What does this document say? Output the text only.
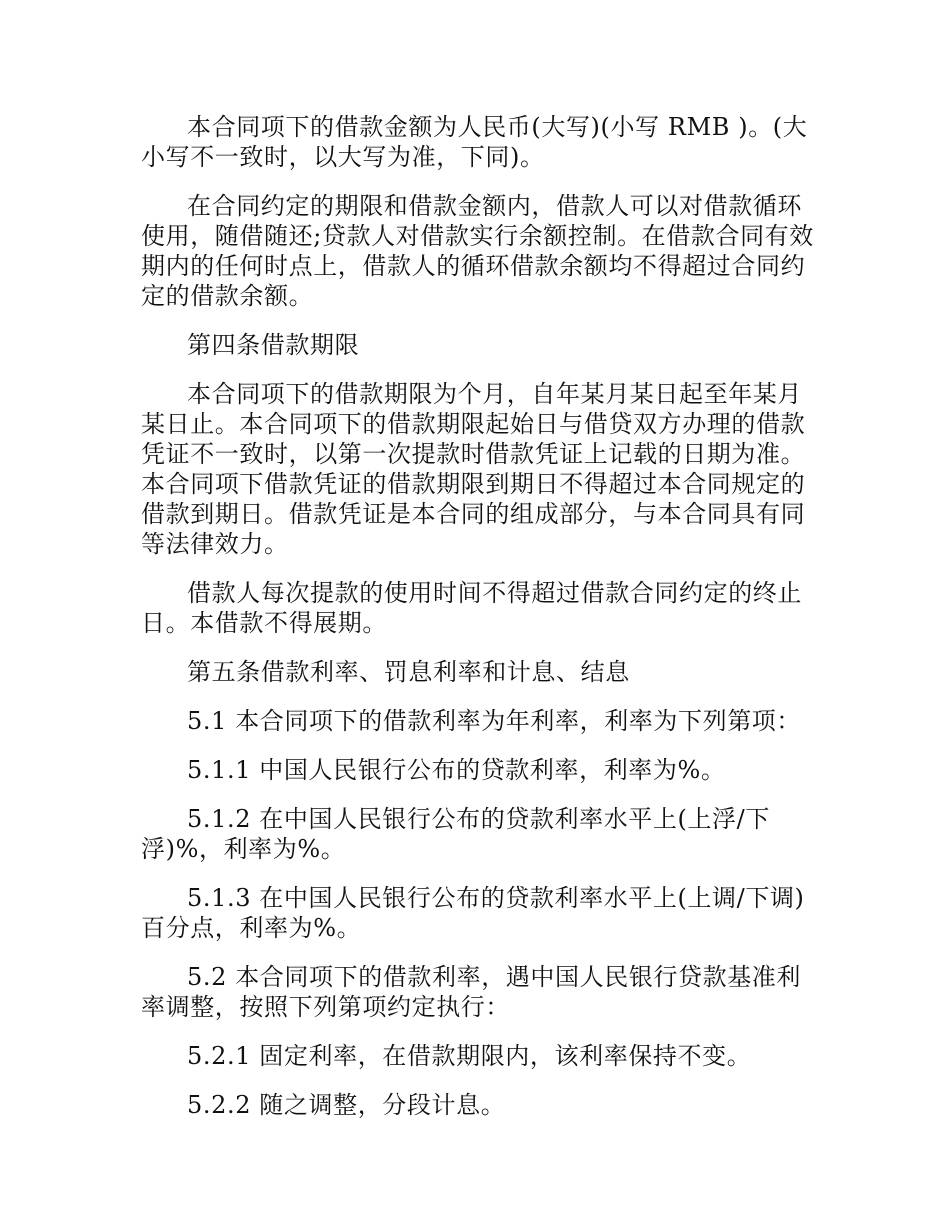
本合同项下的借款金额为人民币(大写)(小写 RMB )。(大小写不一致时，以大写为准，下同)。

在合同约定的期限和借款金额内，借款人可以对借款循环使用，随借随还;贷款人对借款实行余额控制。在借款合同有效期内的任何时点上，借款人的循环借款余额均不得超过合同约定的借款余额。

第四条借款期限

本合同项下的借款期限为个月，自年某月某日起至年某月某日止。本合同项下的借款期限起始日与借贷双方办理的借款凭证不一致时，以第一次提款时借款凭证上记载的日期为准。本合同项下借款凭证的借款期限到期日不得超过本合同规定的借款到期日。借款凭证是本合同的组成部分，与本合同具有同等法律效力。

借款人每次提款的使用时间不得超过借款合同约定的终止日。本借款不得展期。

第五条借款利率、罚息利率和计息、结息

5.1 本合同项下的借款利率为年利率，利率为下列第项：

5.1.1 中国人民银行公布的贷款利率，利率为%。

5.1.2 在中国人民银行公布的贷款利率水平上(上浮/下浮)%，利率为%。

5.1.3 在中国人民银行公布的贷款利率水平上(上调/下调)百分点，利率为%。

5.2 本合同项下的借款利率，遇中国人民银行贷款基准利率调整，按照下列第项约定执行：

5.2.1 固定利率，在借款期限内，该利率保持不变。

5.2.2 随之调整，分段计息。
